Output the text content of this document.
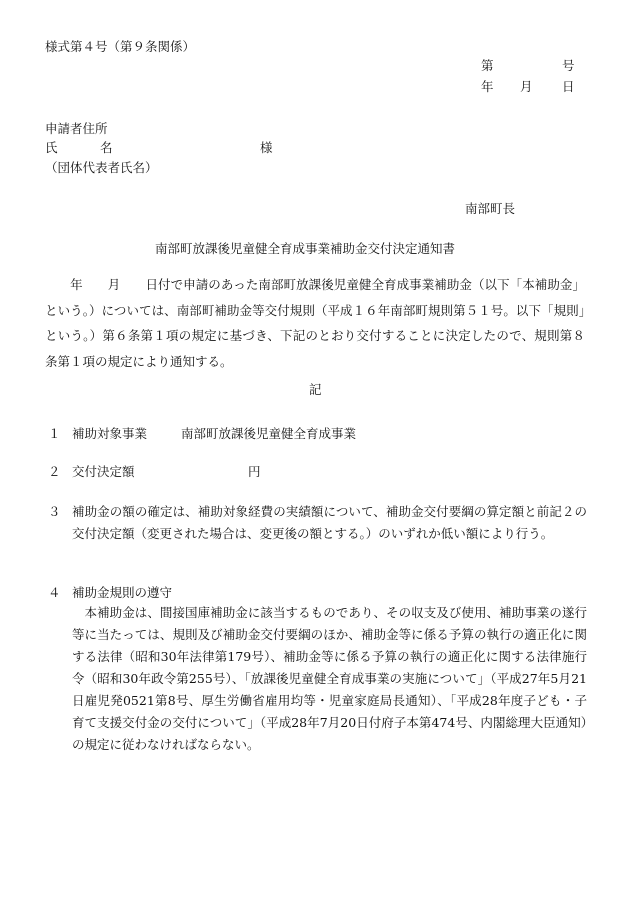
様式第４号（第９条関係）
第	号
年 月 日
申請者住所
氏	名	様
（団体代表者氏名）
南部町長
南部町放課後児童健全育成事業補助金交付決定通知書
　　年　　月　　日付で申請のあった南部町放課後児童健全育成事業補助金（以下「本補助金」という。）については、南部町補助金等交付規則（平成１６年南部町規則第５１号。以下「規則」という。）第６条第１項の規定に基づき、下記のとおり交付することに決定したので、規則第８条第１項の規定により通知する。
記
１ 補助対象事業	南部町放課後児童健全育成事業
２ 交付決定額	円
３ 補助金の額の確定は、補助対象経費の実績額について、補助金交付要綱の算定額と前記２の交付決定額（変更された場合は、変更後の額とする。）のいずれか低い額により行う。
４ 補助金規則の遵守
　本補助金は、間接国庫補助金に該当するものであり、その収支及び使用、補助事業の遂行等に当たっては、規則及び補助金交付要綱のほか、補助金等に係る予算の執行の適正化に関する法律（昭和30年法律第179号）、補助金等に係る予算の執行の適正化に関する法律施行令（昭和30年政令第255号）、「放課後児童健全育成事業の実施について」（平成27年5月21日雇児発0521第8号、厚生労働省雇用均等・児童家庭局長通知）、「平成28年度子ども・子育て支援交付金の交付について」（平成28年7月20日付府子本第474号、内閣総理大臣通知）の規定に従わなければならない。
